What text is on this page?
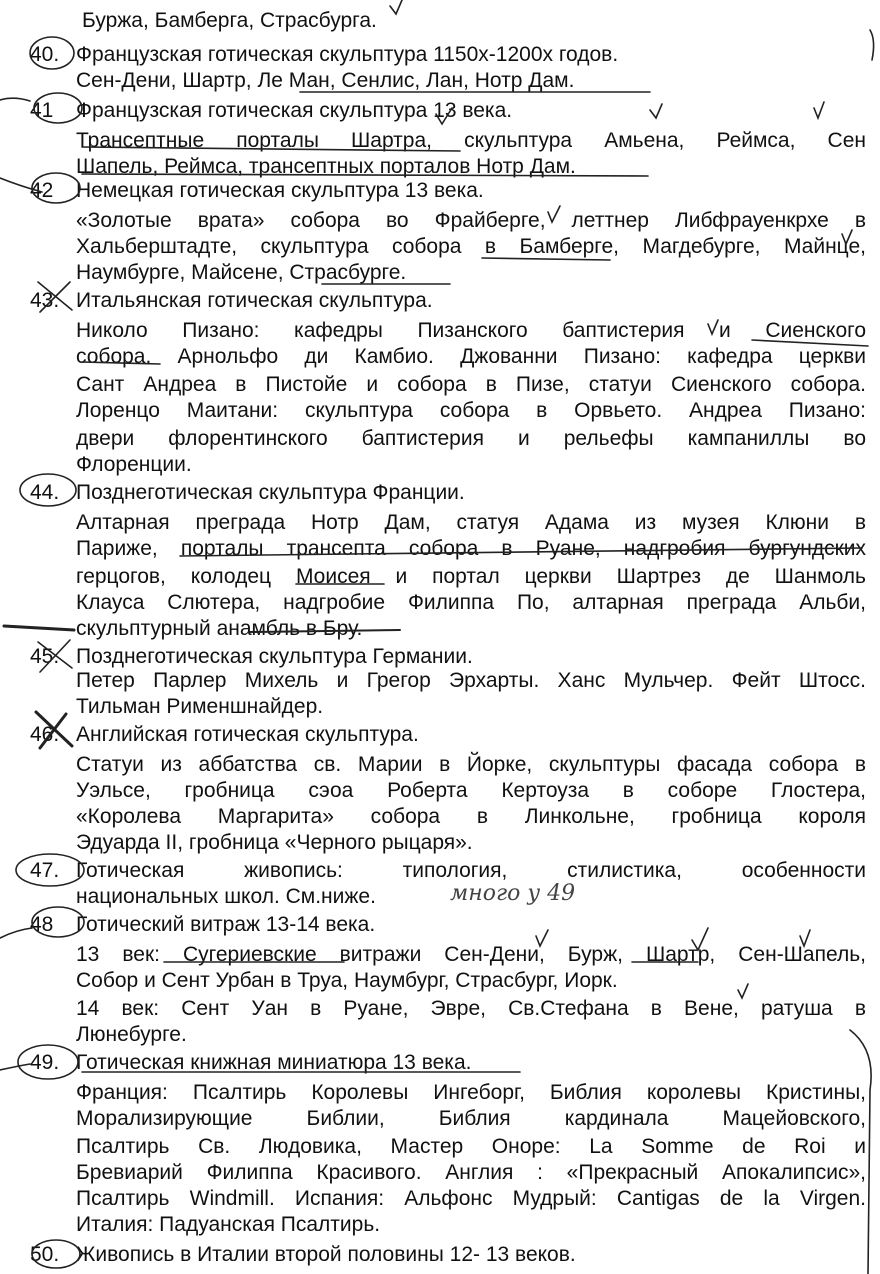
Буржа, Бамберга, Страсбурга.
40. Французская готическая скульптура 1150х-1200х годов.
Сен-Дени, Шартр, Ле Ман, Сенлис, Лан, Нотр Дам.
41	Французская готическая скульптура 13 века.
Трансептные порталы Шартра, скульптура Амьена, Реймса, Сен
Шапель, Реймса, трансептных порталов Нотр Дам.
42	Немецкая готическая скульптура 13 века.
«Золотые врата» собора во Фрайберге, леттнер Либфрауенкрхе в
Хальберштадте, скульптура собора в Бамберге, Магдебурге, Майнце,
Наумбурге, Майсене, Страсбурге.
43. Итальянская готическая скульптура.
Николо Пизано: кафедры Пизанского баптистерия и Сиенского
собора. Арнольфо ди Камбио. Джованни Пизано: кафедра церкви
Сант Андреа в Пистойе и собора в Пизе, статуи Сиенского собора.
Лоренцо Маитани: скульптура собора в Орвьето. Андреа Пизано:
двери флорентинского баптистерия и рельефы кампаниллы во
Флоренции.
44. Позднеготическая скульптура Франции.
Алтарная преграда Нотр Дам, статуя Адама из музея Клюни в
Париже, порталы трансепта собора в Руане, надгробия бургундских
герцогов, колодец Моисея и портал церкви Шартрез де Шанмоль
Клауса Слютера, надгробие Филиппа По, алтарная преграда Альби,
скульптурный анамбль в Бру.
45. Позднеготическая скульптура Германии.
Петер Парлер Михель и Грегор Эрхарты. Ханс Мульчер. Фейт Штосс.
Тильман Рименшнайдер.
46. Английская готическая скульптура.
Статуи из аббатства св. Марии в Йорке, скульптуры фасада собора в
Уэльсе, гробница сэоа Роберта Кертоуза в соборе Глостера,
«Королева Маргарита» собора в Линкольне, гробница короля
Эдуарда II, гробница «Черного рыцаря».
47. Готическая живопись: типология, стилистика, особенности
национальных школ. См.ниже.
48	Готический витраж 13-14 века.
13 век: Сугериевские витражи Сен-Дени, Бурж, Шартр, Сен-Шапель,
Собор и Сент Урбан в Труа, Наумбург, Страсбург, Иорк.
14 век: Сент Уан в Руане, Эвре, Св.Стефана в Вене, ратуша в
Люнебурге.
49. Готическая книжная миниатюра 13 века.
Франция: Псалтирь Королевы Ингеборг, Библия королевы Кристины,
Морализирующие Библии, Библия кардинала Мацейовского,
Псалтирь Св. Людовика, Мастер Оноре: La Somme de Roi и
Бревиарий Филиппа Красивого. Англия : «Прекрасный Апокалипсис»,
Псалтирь Windmill. Испания: Альфонс Мудрый: Cantigas de la Virgen.
Италия: Падуанская Псалтирь.
50. Живопись в Италии второй половины 12- 13 веков.
много у 49
